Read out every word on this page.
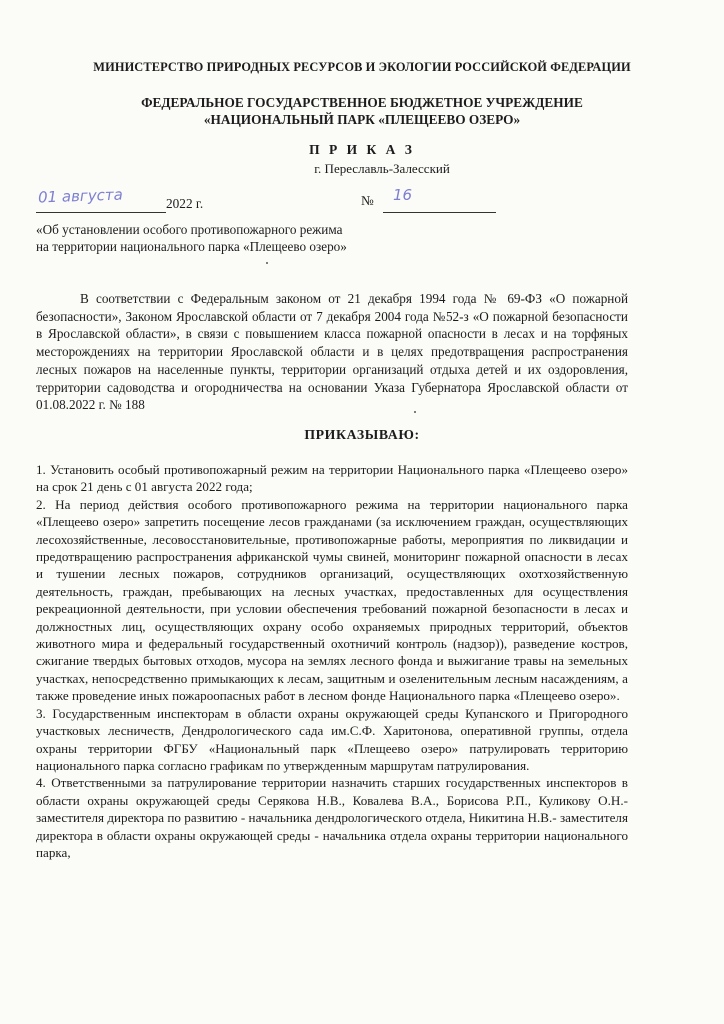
МИНИСТЕРСТВО ПРИРОДНЫХ РЕСУРСОВ И ЭКОЛОГИИ РОССИЙСКОЙ ФЕДЕРАЦИИ
ФЕДЕРАЛЬНОЕ ГОСУДАРСТВЕННОЕ БЮДЖЕТНОЕ УЧРЕЖДЕНИЕ
«НАЦИОНАЛЬНЫЙ ПАРК «ПЛЕЩЕЕВО ОЗЕРО»
П Р И К А З
г. Переславль-Залесский
01 августа	2022 г.	№ 16
«Об установлении особого противопожарного режима
на территории национального парка «Плещеево озеро»
В соответствии с Федеральным законом от 21 декабря 1994 года № 69-ФЗ «О пожарной безопасности», Законом Ярославской области от 7 декабря 2004 года №52-з «О пожарной безопасности в Ярославской области», в связи с повышением класса пожарной опасности в лесах и на торфяных месторождениях на территории Ярославской области и в целях предотвращения распространения лесных пожаров на населенные пункты, территории организаций отдыха детей и их оздоровления, территории садоводства и огородничества на основании Указа Губернатора Ярославской области от 01.08.2022 г. № 188
ПРИКАЗЫВАЮ:

1. Установить особый противопожарный режим на территории Национального парка «Плещеево озеро» на срок 21 день с 01 августа 2022 года;

2. На период действия особого противопожарного режима на территории национального парка «Плещеево озеро» запретить посещение лесов гражданами (за исключением граждан, осуществляющих лесохозяйственные, лесовосстановительные, противопожарные работы, мероприятия по ликвидации и предотвращению распространения африканской чумы свиней, мониторинг пожарной опасности в лесах и тушении лесных пожаров, сотрудников организаций, осуществляющих охотхозяйственную деятельность, граждан, пребывающих на лесных участках, предоставленных для осуществления рекреационной деятельности, при условии обеспечения требований пожарной безопасности в лесах и должностных лиц, осуществляющих охрану особо охраняемых природных территорий, объектов животного мира и федеральный государственный охотничий контроль (надзор)), разведение костров, сжигание твердых бытовых отходов, мусора на землях лесного фонда и выжигание травы на земельных участках, непосредственно примыкающих к лесам, защитным и озеленительным лесным насаждениям, а также проведение иных пожароопасных работ в лесном фонде Национального парка «Плещеево озеро».

3. Государственным инспекторам в области охраны окружающей среды Купанского и Пригородного участковых лесничеств, Дендрологического сада им.С.Ф. Харитонова, оперативной группы, отдела охраны территории ФГБУ «Национальный парк «Плещеево озеро» патрулировать территорию национального парка согласно графикам по утвержденным маршрутам патрулирования.

4. Ответственными за патрулирование территории назначить старших государственных инспекторов в области охраны окружающей среды Серякова Н.В., Ковалева В.А., Борисова Р.П., Куликову О.Н.- заместителя директора по развитию - начальника дендрологического отдела, Никитина Н.В.- заместителя директора в области охраны окружающей среды - начальника отдела охраны территории национального парка,
